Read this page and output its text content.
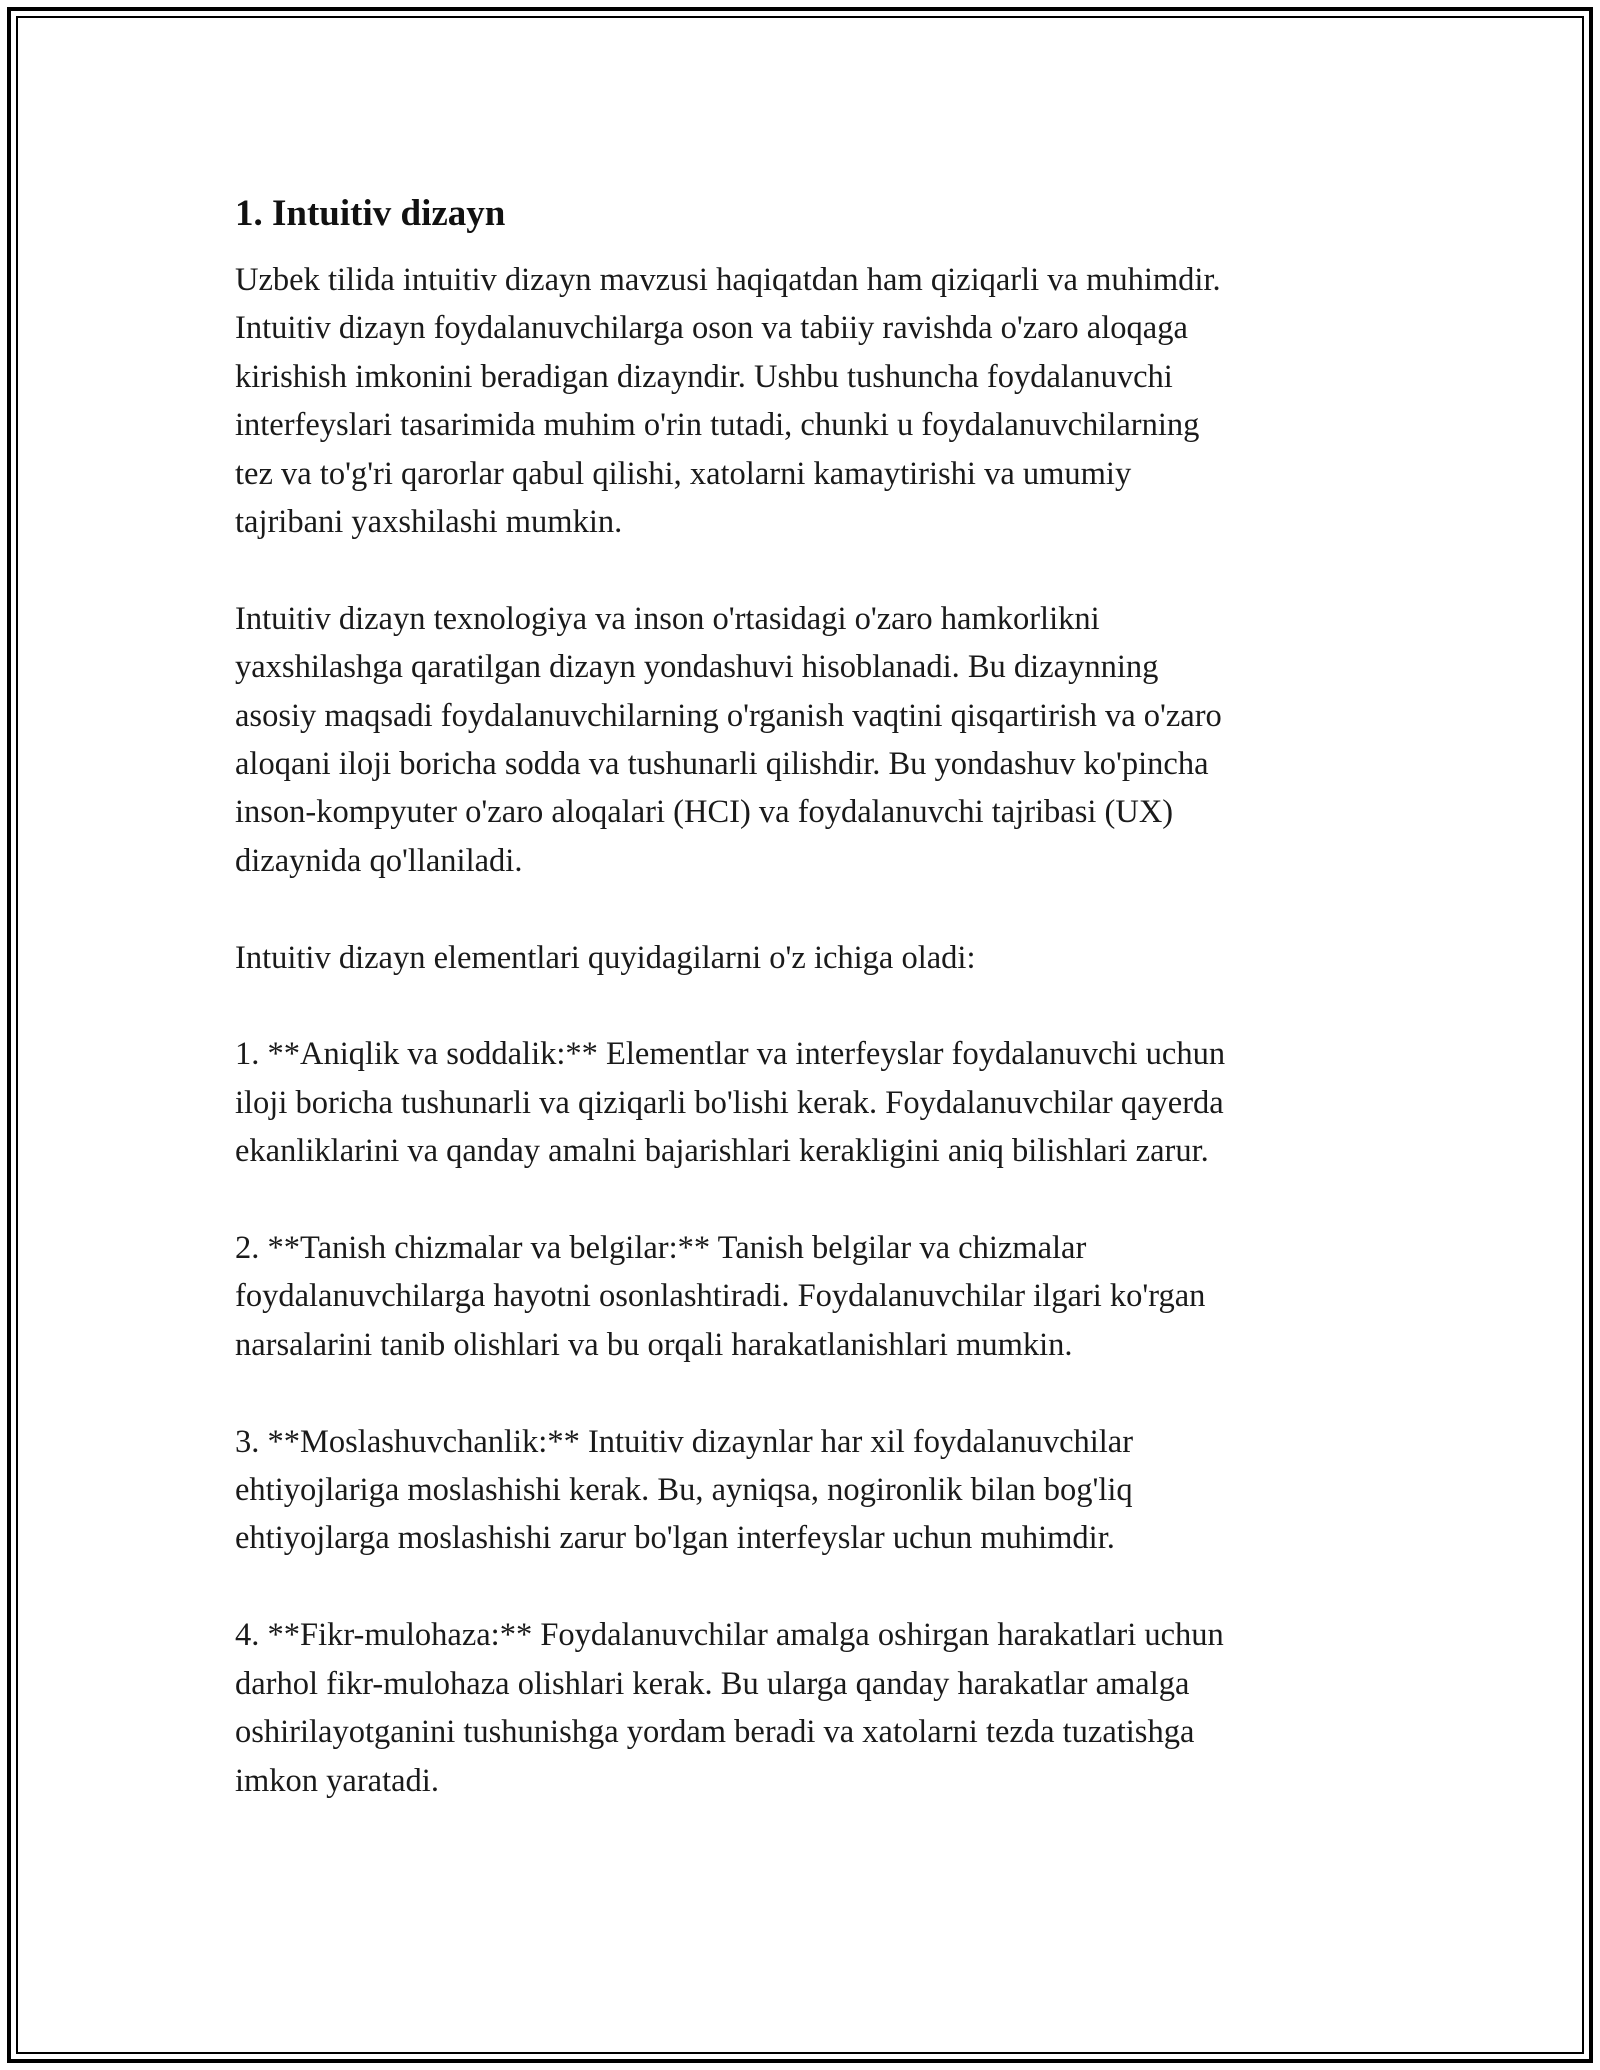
1. Intuitiv dizayn

Uzbek tilida intuitiv dizayn mavzusi haqiqatdan ham qiziqarli va muhimdir.
Intuitiv dizayn foydalanuvchilarga oson va tabiiy ravishda o'zaro aloqaga
kirishish imkonini beradigan dizayndir. Ushbu tushuncha foydalanuvchi
interfeyslari tasarimida muhim o'rin tutadi, chunki u foydalanuvchilarning
tez va to'g'ri qarorlar qabul qilishi, xatolarni kamaytirishi va umumiy
tajribani yaxshilashi mumkin.

Intuitiv dizayn texnologiya va inson o'rtasidagi o'zaro hamkorlikni
yaxshilashga qaratilgan dizayn yondashuvi hisoblanadi. Bu dizaynning
asosiy maqsadi foydalanuvchilarning o'rganish vaqtini qisqartirish va o'zaro
aloqani iloji boricha sodda va tushunarli qilishdir. Bu yondashuv ko'pincha
inson-kompyuter o'zaro aloqalari (HCI) va foydalanuvchi tajribasi (UX)
dizaynida qo'llaniladi.

Intuitiv dizayn elementlari quyidagilarni o'z ichiga oladi:

1. **Aniqlik va soddalik:** Elementlar va interfeyslar foydalanuvchi uchun
iloji boricha tushunarli va qiziqarli bo'lishi kerak. Foydalanuvchilar qayerda
ekanliklarini va qanday amalni bajarishlari kerakligini aniq bilishlari zarur.

2. **Tanish chizmalar va belgilar:** Tanish belgilar va chizmalar
foydalanuvchilarga hayotni osonlashtiradi. Foydalanuvchilar ilgari ko'rgan
narsalarini tanib olishlari va bu orqali harakatlanishlari mumkin.

3. **Moslashuvchanlik:** Intuitiv dizaynlar har xil foydalanuvchilar
ehtiyojlariga moslashishi kerak. Bu, ayniqsa, nogironlik bilan bog'liq
ehtiyojlarga moslashishi zarur bo'lgan interfeyslar uchun muhimdir.

4. **Fikr-mulohaza:** Foydalanuvchilar amalga oshirgan harakatlari uchun
darhol fikr-mulohaza olishlari kerak. Bu ularga qanday harakatlar amalga
oshirilayotganini tushunishga yordam beradi va xatolarni tezda tuzatishga
imkon yaratadi.
